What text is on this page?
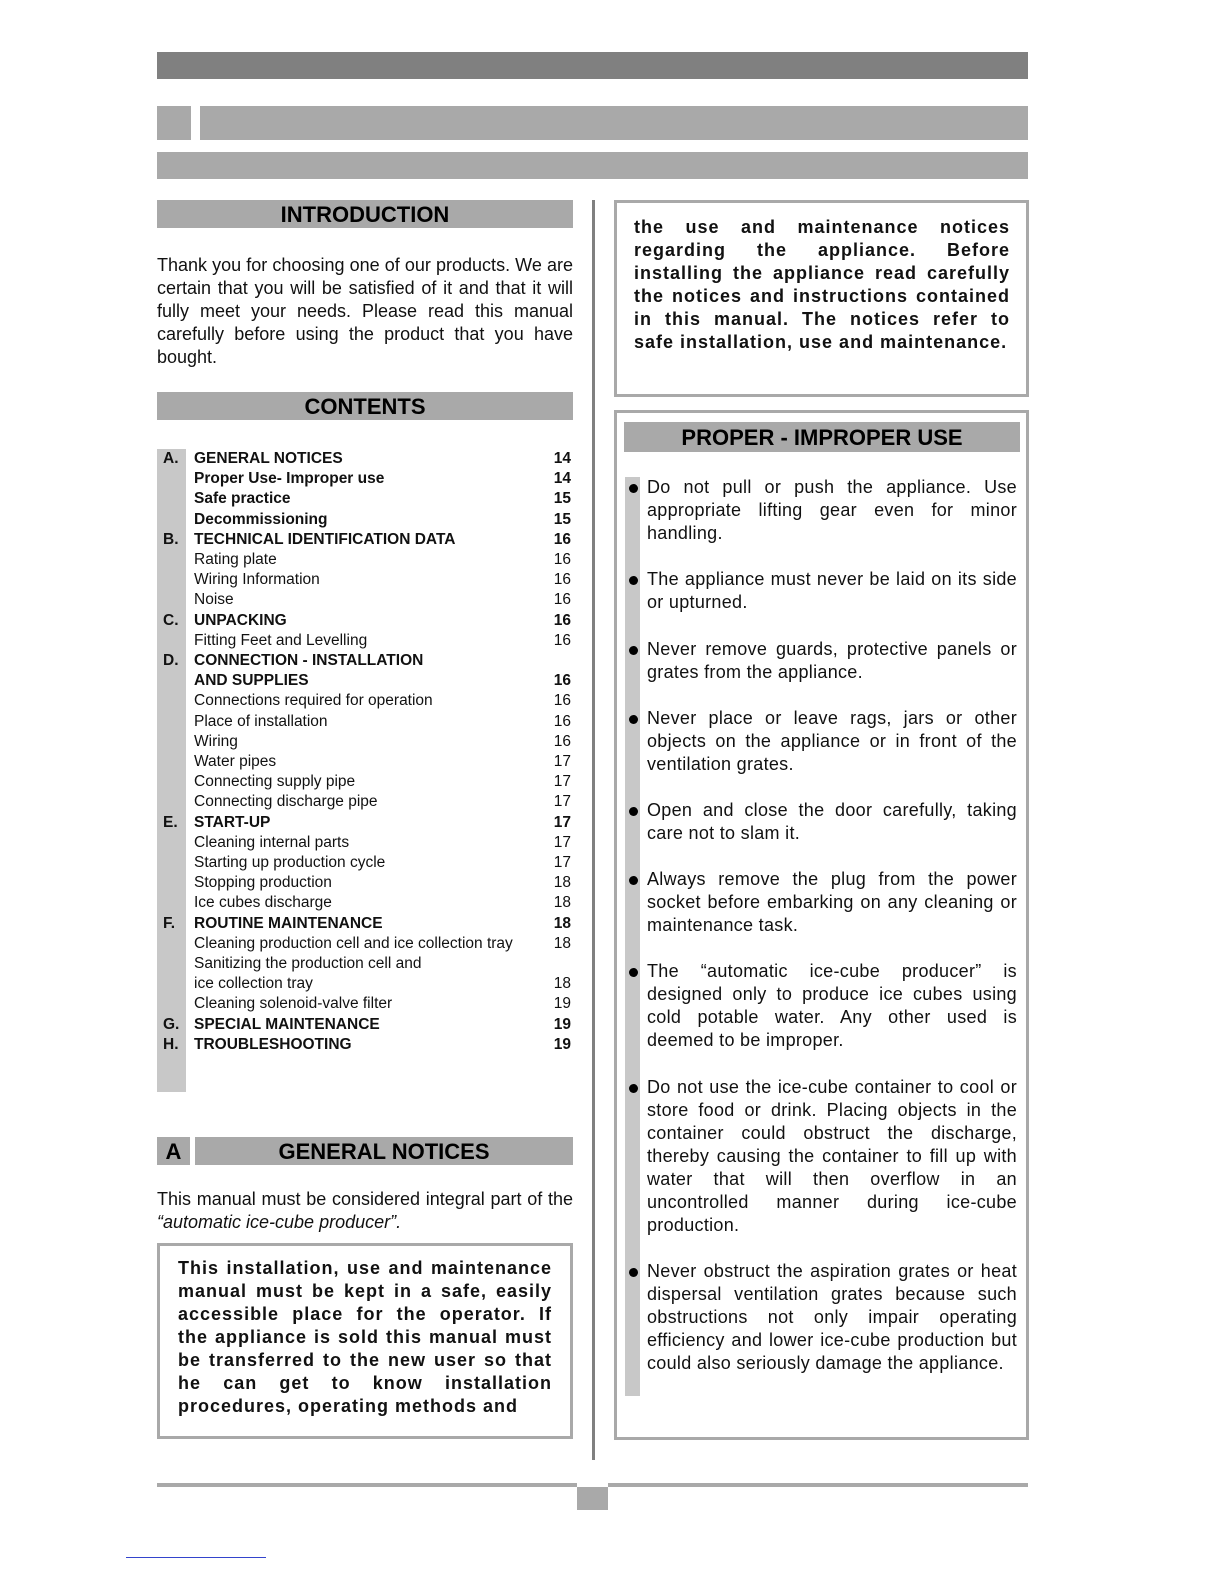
INTRODUCTION
Thank you for choosing one of our products. We are certain that you will be satisfied of it and that it will fully meet your needs. Please read this manual carefully before using the product that you have bought.
CONTENTS
A. GENERAL NOTICES	14
Proper Use- Improper use	14
Safe practice	15
Decommissioning	15
B. TECHNICAL IDENTIFICATION DATA	16
Rating plate	16
Wiring Information	16
Noise	16
C. UNPACKING	16
Fitting Feet and Levelling	16
D. CONNECTION - INSTALLATION
AND SUPPLIES	16
Connections required for operation	16
Place of installation	16
Wiring	16
Water pipes	17
Connecting supply pipe	17
Connecting discharge pipe	17
E. START-UP	17
Cleaning internal parts	17
Starting up production cycle	17
Stopping production	18
Ice cubes discharge	18
F. ROUTINE MAINTENANCE	18
Cleaning production cell and ice collection tray	18
Sanitizing the production cell and
ice collection tray	18
Cleaning solenoid-valve filter	19
G. SPECIAL MAINTENANCE	19
H. TROUBLESHOOTING	19
A	GENERAL NOTICES
This manual must be considered integral part of the “automatic ice-cube producer”.
This installation, use and maintenance manual must be kept in a safe, easily accessible place for the operator. If the appliance is sold this manual must be transferred to the new user so that he can get to know installation procedures, operating methods and
the use and maintenance notices regarding the appliance. Before installing the appliance read carefully the notices and instructions contained in this manual. The notices refer to safe installation, use and maintenance.
PROPER - IMPROPER USE
Do not pull or push the appliance. Use appropriate lifting gear even for minor handling.
The appliance must never be laid on its side or upturned.
Never remove guards, protective panels or grates from the appliance.
Never place or leave rags, jars or other objects on the appliance or in front of the ventilation grates.
Open and close the door carefully, taking care not to slam it.
Always remove the plug from the power socket before embarking on any cleaning or maintenance task.
The “automatic ice-cube producer” is designed only to produce ice cubes using cold potable water. Any other used is deemed to be improper.
Do not use the ice-cube container to cool or store food or drink. Placing objects in the container could obstruct the discharge, thereby causing the container to fill up with water that will then overflow in an uncontrolled manner during ice-cube production.
Never obstruct the aspiration grates or heat dispersal ventilation grates because such obstructions not only impair operating efficiency and lower ice-cube production but could also seriously damage the appliance.
